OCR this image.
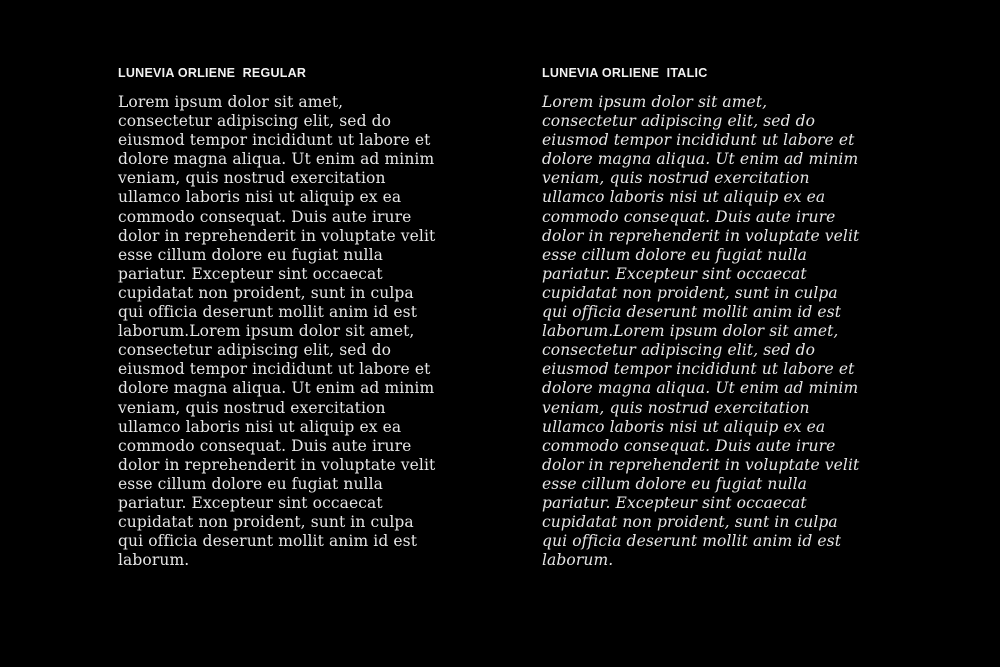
LUNEVIA ORLIENE  REGULAR

Lorem ipsum dolor sit amet,
consectetur adipiscing elit, sed do
eiusmod tempor incididunt ut labore et
dolore magna aliqua. Ut enim ad minim
veniam, quis nostrud exercitation
ullamco laboris nisi ut aliquip ex ea
commodo consequat. Duis aute irure
dolor in reprehenderit in voluptate velit
esse cillum dolore eu fugiat nulla
pariatur. Excepteur sint occaecat
cupidatat non proident, sunt in culpa
qui officia deserunt mollit anim id est
laborum.Lorem ipsum dolor sit amet,
consectetur adipiscing elit, sed do
eiusmod tempor incididunt ut labore et
dolore magna aliqua. Ut enim ad minim
veniam, quis nostrud exercitation
ullamco laboris nisi ut aliquip ex ea
commodo consequat. Duis aute irure
dolor in reprehenderit in voluptate velit
esse cillum dolore eu fugiat nulla
pariatur. Excepteur sint occaecat
cupidatat non proident, sunt in culpa
qui officia deserunt mollit anim id est
laborum.

LUNEVIA ORLIENE  ITALIC

Lorem ipsum dolor sit amet,
consectetur adipiscing elit, sed do
eiusmod tempor incididunt ut labore et
dolore magna aliqua. Ut enim ad minim
veniam, quis nostrud exercitation
ullamco laboris nisi ut aliquip ex ea
commodo consequat. Duis aute irure
dolor in reprehenderit in voluptate velit
esse cillum dolore eu fugiat nulla
pariatur. Excepteur sint occaecat
cupidatat non proident, sunt in culpa
qui officia deserunt mollit anim id est
laborum.Lorem ipsum dolor sit amet,
consectetur adipiscing elit, sed do
eiusmod tempor incididunt ut labore et
dolore magna aliqua. Ut enim ad minim
veniam, quis nostrud exercitation
ullamco laboris nisi ut aliquip ex ea
commodo consequat. Duis aute irure
dolor in reprehenderit in voluptate velit
esse cillum dolore eu fugiat nulla
pariatur. Excepteur sint occaecat
cupidatat non proident, sunt in culpa
qui officia deserunt mollit anim id est
laborum.
